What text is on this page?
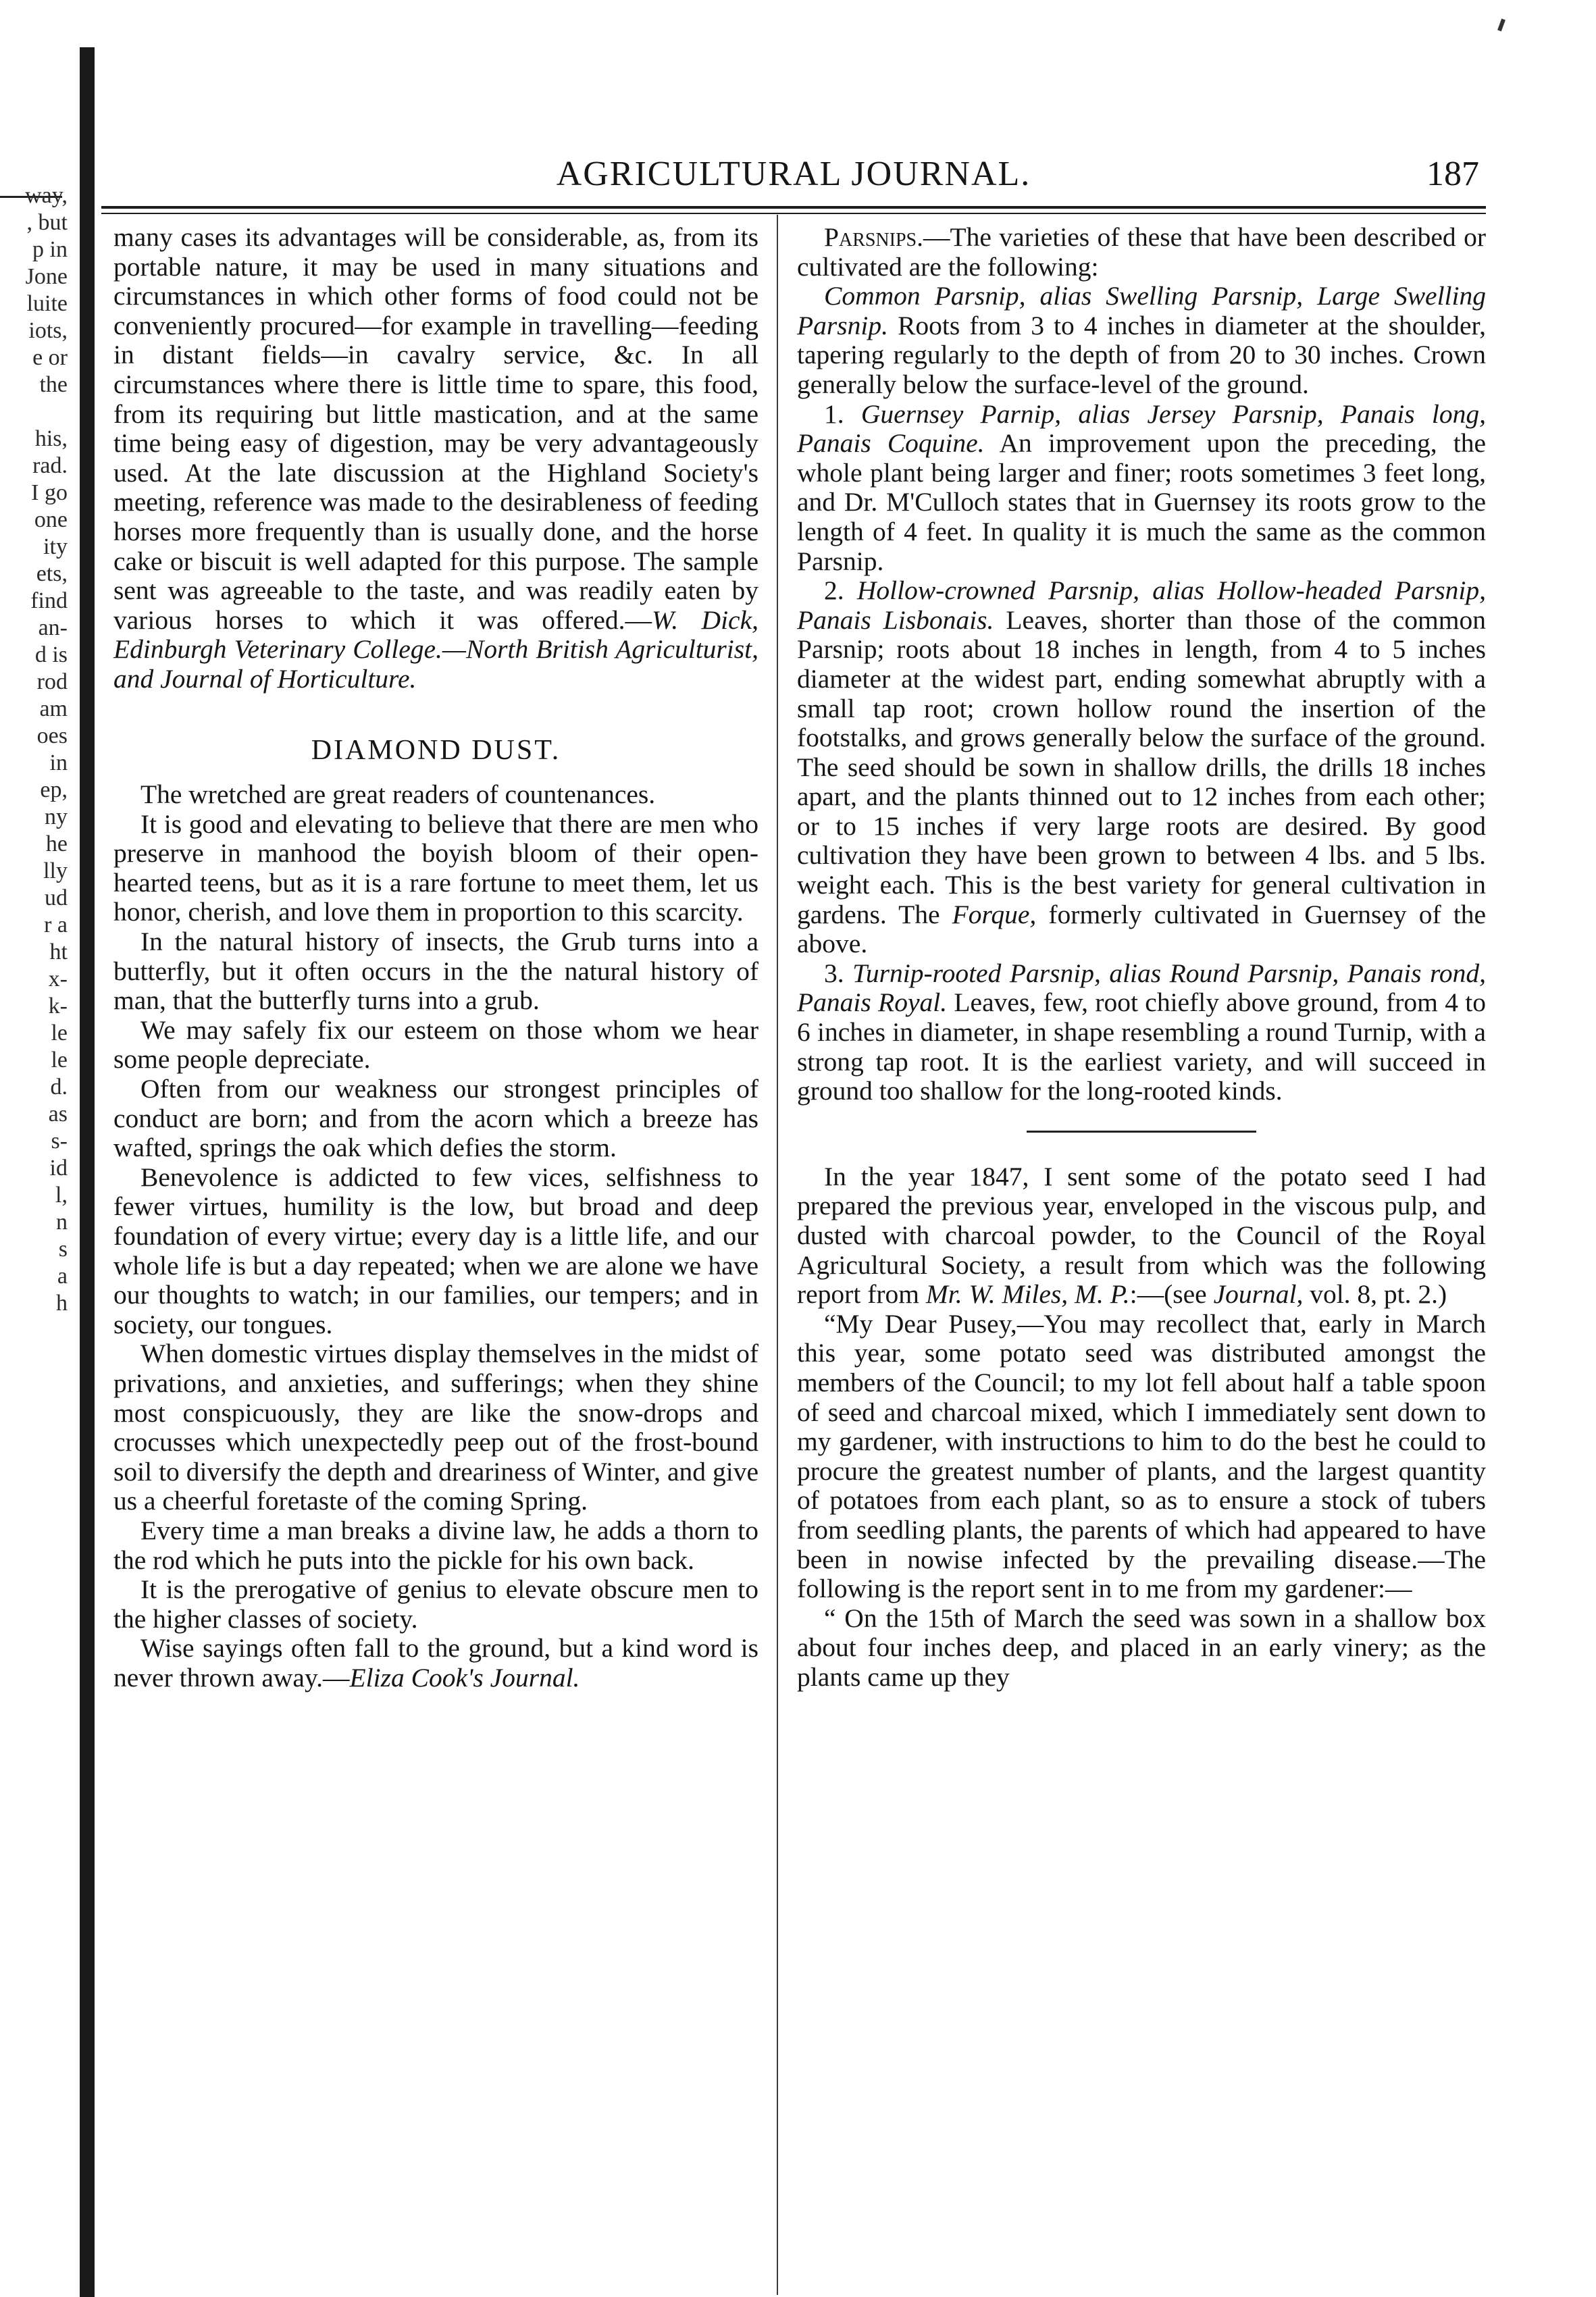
way,
, but
p in
Jone
luite
iots,
e or
the
his,
rad.
I go
one
ity
ets,
find
an-
d is
rod
am
oes
in
ep,
ny
he
lly
ud
r a
ht
x-
k-
le
le
d.
as
s-
id
l,
n
s
a
h
AGRICULTURAL JOURNAL.	187

many cases its advantages will be considerable, as, from its portable nature, it may be used in many situations and circumstances in which other forms of food could not be conveniently procured—for example in travelling—feeding in distant fields—in cavalry service, &c. In all circumstances where there is little time to spare, this food, from its requiring but little mastication, and at the same time being easy of digestion, may be very advantageously used. At the late discussion at the Highland Society's meeting, reference was made to the desirableness of feeding horses more frequently than is usually done, and the horse cake or biscuit is well adapted for this purpose. The sample sent was agreeable to the taste, and was readily eaten by various horses to which it was offered.—W. Dick, Edinburgh Veterinary College.—North British Agriculturist, and Journal of Horticulture.

DIAMOND DUST.

The wretched are great readers of countenances.

It is good and elevating to believe that there are men who preserve in manhood the boyish bloom of their open-hearted teens, but as it is a rare fortune to meet them, let us honor, cherish, and love them in proportion to this scarcity.

In the natural history of insects, the Grub turns into a butterfly, but it often occurs in the the natural history of man, that the butterfly turns into a grub.

We may safely fix our esteem on those whom we hear some people depreciate.

Often from our weakness our strongest principles of conduct are born; and from the acorn which a breeze has wafted, springs the oak which defies the storm.

Benevolence is addicted to few vices, selfishness to fewer virtues, humility is the low, but broad and deep foundation of every virtue; every day is a little life, and our whole life is but a day repeated; when we are alone we have our thoughts to watch; in our families, our tempers; and in society, our tongues.

When domestic virtues display themselves in the midst of privations, and anxieties, and sufferings; when they shine most conspicuously, they are like the snow-drops and crocusses which unexpectedly peep out of the frost-bound soil to diversify the depth and dreariness of Winter, and give us a cheerful foretaste of the coming Spring.

Every time a man breaks a divine law, he adds a thorn to the rod which he puts into the pickle for his own back.

It is the prerogative of genius to elevate obscure men to the higher classes of society.

Wise sayings often fall to the ground, but a kind word is never thrown away.—Eliza Cook's Journal.

Parsnips.—The varieties of these that have been described or cultivated are the following:

Common Parsnip, alias Swelling Parsnip, Large Swelling Parsnip. Roots from 3 to 4 inches in diameter at the shoulder, tapering regularly to the depth of from 20 to 30 inches. Crown generally below the surface-level of the ground.

1. Guernsey Parnip, alias Jersey Parsnip, Panais long, Panais Coquine. An improvement upon the preceding, the whole plant being larger and finer; roots sometimes 3 feet long, and Dr. M'Culloch states that in Guernsey its roots grow to the length of 4 feet. In quality it is much the same as the common Parsnip.

2. Hollow-crowned Parsnip, alias Hollow-headed Parsnip, Panais Lisbonais. Leaves, shorter than those of the common Parsnip; roots about 18 inches in length, from 4 to 5 inches diameter at the widest part, ending somewhat abruptly with a small tap root; crown hollow round the insertion of the footstalks, and grows generally below the surface of the ground. The seed should be sown in shallow drills, the drills 18 inches apart, and the plants thinned out to 12 inches from each other; or to 15 inches if very large roots are desired. By good cultivation they have been grown to between 4 lbs. and 5 lbs. weight each. This is the best variety for general cultivation in gardens. The Forque, formerly cultivated in Guernsey of the above.

3. Turnip-rooted Parsnip, alias Round Parsnip, Panais rond, Panais Royal. Leaves, few, root chiefly above ground, from 4 to 6 inches in diameter, in shape resembling a round Turnip, with a strong tap root. It is the earliest variety, and will succeed in ground too shallow for the long-rooted kinds.

In the year 1847, I sent some of the potato seed I had prepared the previous year, enveloped in the viscous pulp, and dusted with charcoal powder, to the Council of the Royal Agricultural Society, a result from which was the following report from Mr. W. Miles, M. P.:—(see Journal, vol. 8, pt. 2.)

“My Dear Pusey,—You may recollect that, early in March this year, some potato seed was distributed amongst the members of the Council; to my lot fell about half a table spoon of seed and charcoal mixed, which I immediately sent down to my gardener, with instructions to him to do the best he could to procure the greatest number of plants, and the largest quantity of potatoes from each plant, so as to ensure a stock of tubers from seedling plants, the parents of which had appeared to have been in nowise infected by the prevailing disease.—The following is the report sent in to me from my gardener:—

“ On the 15th of March the seed was sown in a shallow box about four inches deep, and placed in an early vinery; as the plants came up they
